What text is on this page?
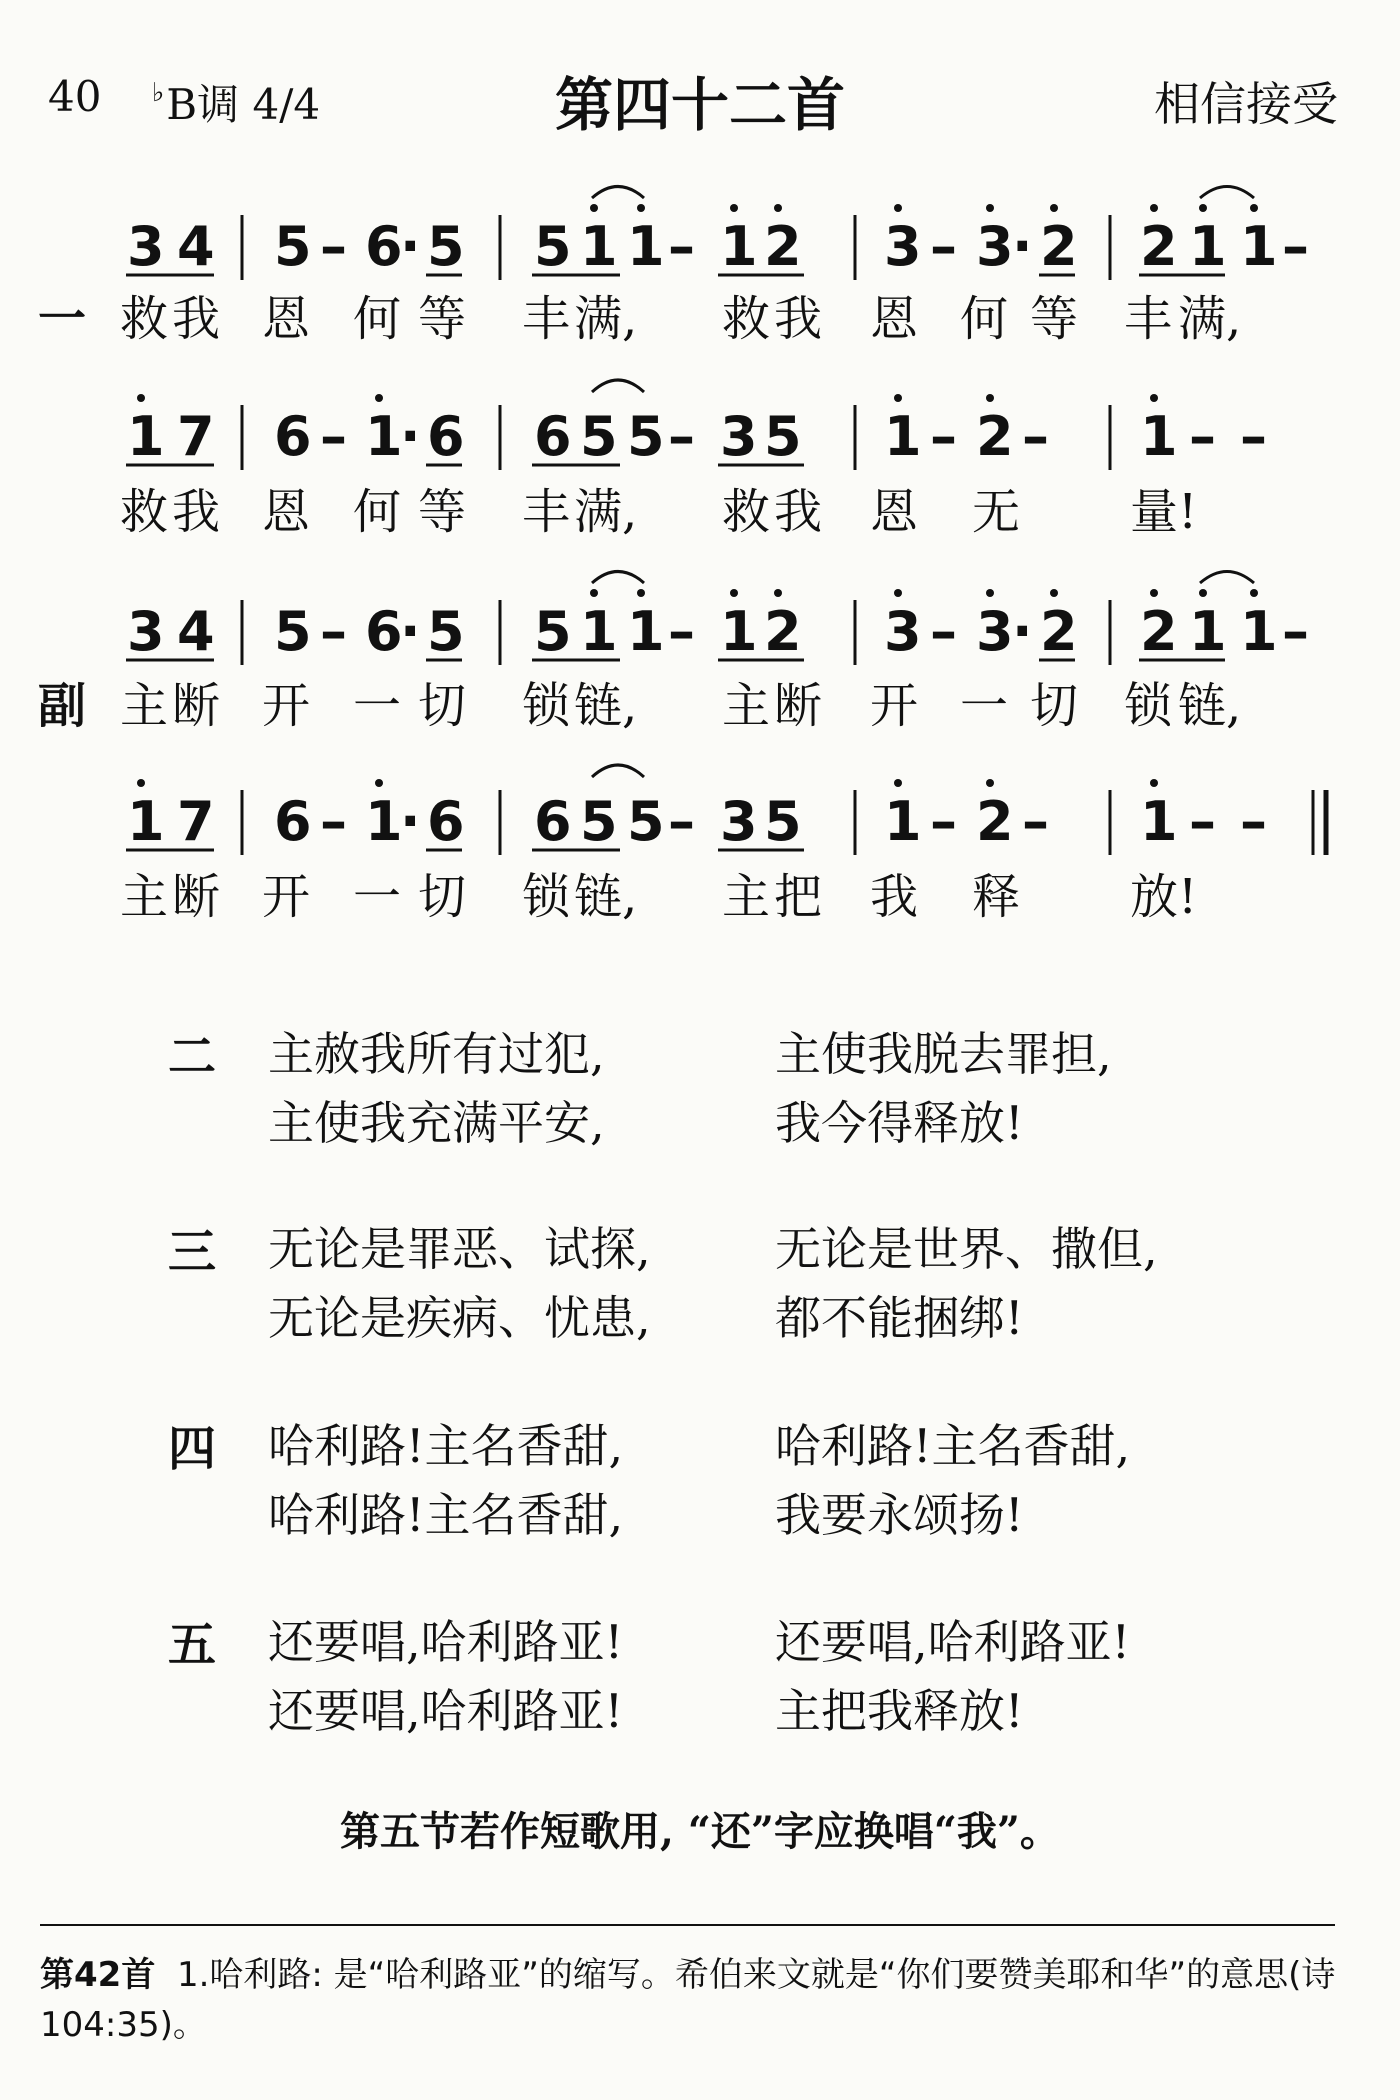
40 ♭B调 4/4	第四十二首	相信接受
一
副
救 我 恩 何 等 丰 满, 救 我 恩 何 等 丰 满,
救 我 恩 何 等 丰 满, 救 我 恩 无 量!
主 断 开 一 切 锁 链, 主 断 开 一 切 锁 链,
主 断 开 一 切 锁 链, 主 把 我 释 放!
二 主赦我所有过犯,	主使我脱去罪担,
主使我充满平安,	我今得释放!
三 无论是罪恶、试探,	无论是世界、撒但,
无论是疾病、忧患,	都不能捆绑!
四 哈利路!主名香甜,	哈利路!主名香甜,
哈利路!主名香甜,	我要永颂扬!
五 还要唱,哈利路亚!	还要唱,哈利路亚!
还要唱,哈利路亚!	主把我释放!
第五节若作短歌用, “还”字应换唱“我”。
第42首 1.哈利路: 是“哈利路亚”的缩写。希伯来文就是“你们要赞美耶和华”的意思(诗104:35)。
